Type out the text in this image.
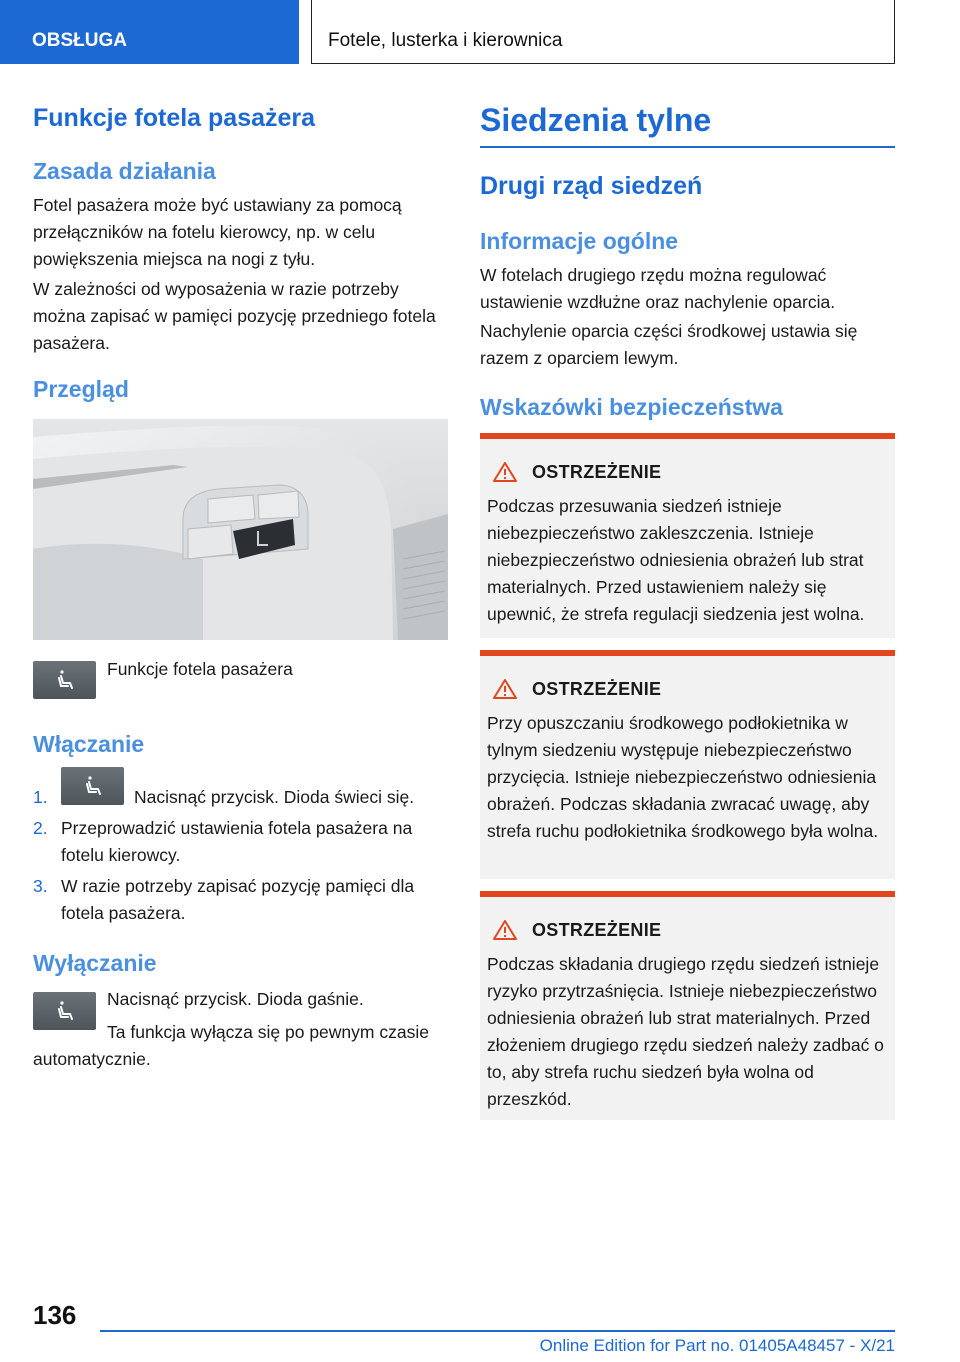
OBSŁUGA	Fotele, lusterka i kierownica
Funkcje fotela pasażera
Zasada działania

Fotel pasażera może być ustawiany za pomocą przełączników na fotelu kierowcy, np. w celu powiększenia miejsca na nogi z tyłu.

W zależności od wyposażenia w razie potrzeby można zapisać w pamięci pozycję przedniego fotela pasażera.

Przegląd
Funkcje fotela pasażera
Włączanie
1.	Nacisnąć przycisk. Dioda świeci się.
2. Przeprowadzić ustawienia fotela pasażera na fotelu kierowcy.

3. W razie potrzeby zapisać pozycję pamięci dla fotela pasażera.

Wyłączanie
Nacisnąć przycisk. Dioda gaśnie.

Ta funkcja wyłącza się po pewnym czasie automatycznie.

Siedzenia tylne
Drugi rząd siedzeń
Informacje ogólne

W fotelach drugiego rzędu można regulować ustawienie wzdłużne oraz nachylenie oparcia.

Nachylenie oparcia części środkowej ustawia się razem z oparciem lewym.

Wskazówki bezpieczeństwa
OSTRZEŻENIE

Podczas przesuwania siedzeń istnieje niebezpieczeństwo zakleszczenia. Istnieje niebezpieczeństwo odniesienia obrażeń lub strat materialnych. Przed ustawieniem należy się upewnić, że strefa regulacji siedzenia jest wolna.

OSTRZEŻENIE

Przy opuszczaniu środkowego podłokietnika w tylnym siedzeniu występuje niebezpieczeństwo przycięcia. Istnieje niebezpieczeństwo odniesienia obrażeń. Podczas składania zwracać uwagę, aby strefa ruchu podłokietnika środkowego była wolna.

OSTRZEŻENIE

Podczas składania drugiego rzędu siedzeń istnieje ryzyko przytrzaśnięcia. Istnieje niebezpieczeństwo odniesienia obrażeń lub strat materialnych. Przed złożeniem drugiego rzędu siedzeń należy zadbać o to, aby strefa ruchu siedzeń była wolna od przeszkód.

136
Online Edition for Part no. 01405A48457 - X/21
